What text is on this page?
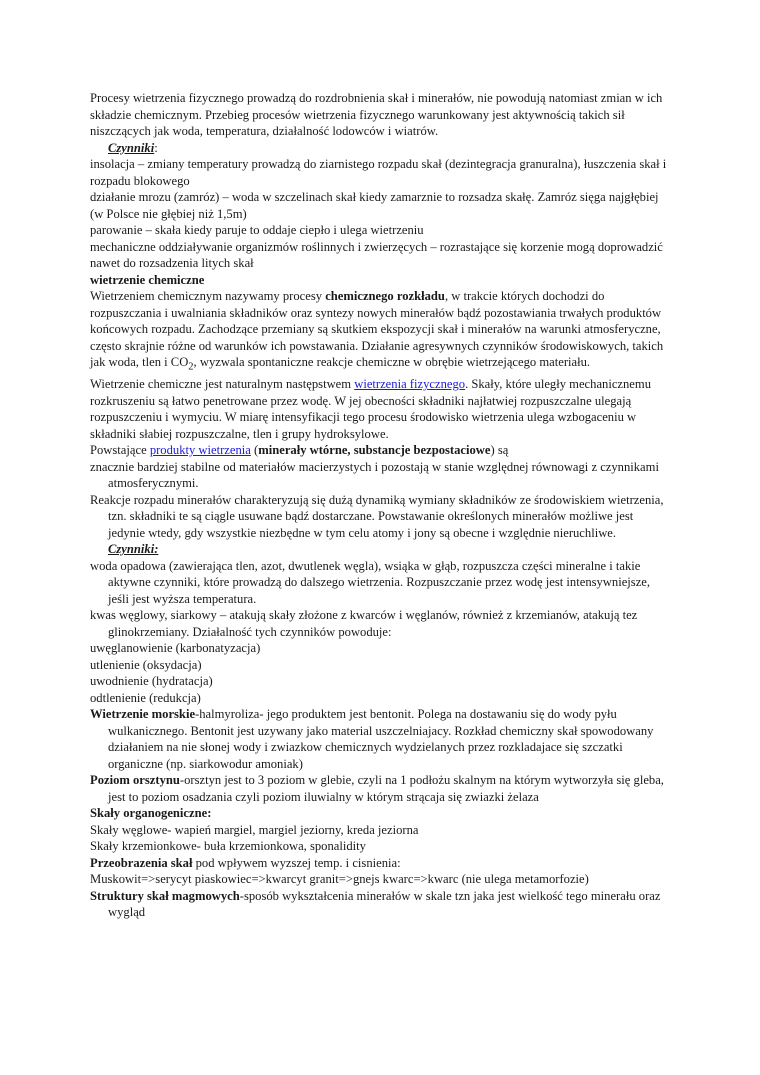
Procesy wietrzenia fizycznego prowadzą do rozdrobnienia skał i minerałów, nie powodują natomiast zmian w ich składzie chemicznym. Przebieg procesów wietrzenia fizycznego warunkowany jest aktywnością takich sił niszczących jak woda, temperatura, działalność lodowców i wiatrów.

Czynniki:

insolacja – zmiany temperatury prowadzą do ziarnistego rozpadu skał (dezintegracja granuralna), łuszczenia skał i rozpadu blokowego

działanie mrozu (zamróz) – woda w szczelinach skał kiedy zamarznie to rozsadza skałę. Zamróz sięga najgłębiej (w Polsce nie głębiej niż 1,5m)

parowanie – skała kiedy paruje to oddaje ciepło i ulega wietrzeniu

mechaniczne oddziaływanie organizmów roślinnych i zwierzęcych – rozrastające się korzenie mogą doprowadzić nawet do rozsadzenia litych skał

wietrzenie chemiczne

Wietrzeniem chemicznym nazywamy procesy chemicznego rozkładu, w trakcie których dochodzi do rozpuszczania i uwalniania składników oraz syntezy nowych minerałów bądź pozostawiania trwałych produktów końcowych rozpadu. Zachodzące przemiany są skutkiem ekspozycji skał i minerałów na warunki atmosferyczne, często skrajnie różne od warunków ich powstawania. Działanie agresywnych czynników środowiskowych, takich jak woda, tlen i $CO_2$, wyzwala spontaniczne reakcje chemiczne w obrębie wietrzejącego materiału.

Wietrzenie chemiczne jest naturalnym następstwem wietrzenia fizycznego. Skały, które uległy mechanicznemu rozkruszeniu są łatwo penetrowane przez wodę. W jej obecności składniki najłatwiej rozpuszczalne ulegają rozpuszczeniu i wymyciu. W miarę intensyfikacji tego procesu środowisko wietrzenia ulega wzbogaceniu w składniki słabiej rozpuszczalne, tlen i grupy hydroksylowe.

Powstające produkty wietrzenia (minerały wtórne, substancje bezpostaciowe) są

znacznie bardziej stabilne od materiałów macierzystych i pozostają w stanie względnej równowagi z czynnikami atmosferycznymi.

Reakcje rozpadu minerałów charakteryzują się dużą dynamiką wymiany składników ze środowiskiem wietrzenia, tzn. składniki te są ciągle usuwane bądź dostarczane. Powstawanie określonych minerałów możliwe jest jedynie wtedy, gdy wszystkie niezbędne w tym celu atomy i jony są obecne i względnie nieruchliwe.

Czynniki:

woda opadowa (zawierająca tlen, azot, dwutlenek węgla), wsiąka w głąb, rozpuszcza części mineralne i takie aktywne czynniki, które prowadzą do dalszego wietrzenia. Rozpuszczanie przez wodę jest intensywniejsze, jeśli jest wyższa temperatura.

kwas węglowy, siarkowy – atakują skały złożone z kwarców i węglanów, również z krzemianów, atakują tez glinokrzemiany. Działalność tych czynników powoduje:

uwęglanowienie (karbonatyzacja)

utlenienie (oksydacja)

uwodnienie (hydratacja)

odtlenienie (redukcja)

Wietrzenie morskie-halmyroliza- jego produktem jest bentonit. Polega na dostawaniu się do wody pyłu wulkanicznego. Bentonit jest uzywany jako material uszczelniajacy. Rozkład chemiczny skał spowodowany działaniem na nie słonej wody i zwiazkow chemicznych wydzielanych przez rozkladajace się szczatki organiczne (np. siarkowodur amoniak)

Poziom orsztynu-orsztyn jest to 3 poziom w glebie, czyli na 1 podłożu skalnym na którym wytworzyła się gleba, jest to poziom osadzania czyli poziom iluwialny w którym strącaja się zwiazki żelaza

Skały organogeniczne:

Skały węglowe- wapień margiel, margiel jeziorny, kreda jeziorna

Skały krzemionkowe- buła krzemionkowa, sponalidity

Przeobrazenia skał pod wpływem wyzszej temp. i cisnienia:

Muskowit=>serycyt piaskowiec=>kwarcyt granit=>gnejs kwarc=>kwarc (nie ulega metamorfozie)

Struktury skał magmowych-sposób wykształcenia minerałów w skale tzn jaka jest wielkość tego minerału oraz wygląd
